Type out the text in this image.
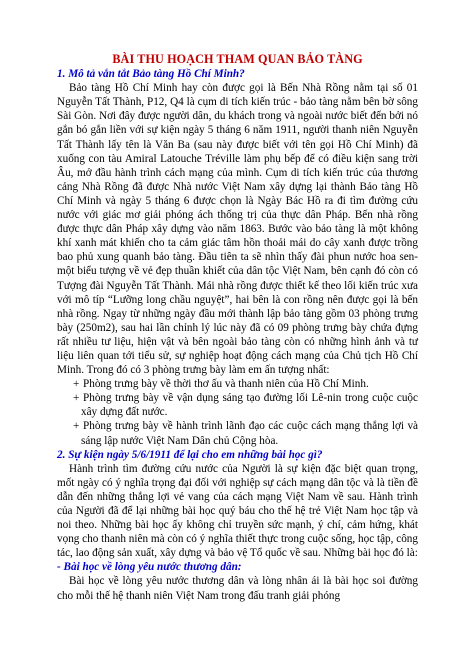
BÀI THU HOẠCH THAM QUAN BẢO TÀNG

1. Mô tả vắn tắt Bảo tàng Hồ Chí Minh?

Bảo tàng Hồ Chí Minh hay còn được gọi là Bến Nhà Rồng nằm tại số 01 Nguyễn Tất Thành, P12, Q4 là cụm di tích kiến trúc - bảo tàng nằm bên bờ sông Sài Gòn. Nơi đây được người dân, du khách trong và ngoài nước biết đến bởi nó gắn bó gắn liền với sự kiện ngày 5 tháng 6 năm 1911, người thanh niên Nguyễn Tất Thành lấy tên là Văn Ba (sau này được biết với tên gọi Hồ Chí Minh) đã xuống con tàu Amiral Latouche Tréville làm phụ bếp để có điều kiện sang trời Âu, mở đầu hành trình cách mạng của mình. Cụm di tích kiến trúc của thương cảng Nhà Rồng đã được Nhà nước Việt Nam xây dựng lại thành Bảo tàng Hồ Chí Minh và ngày 5 tháng 6 được chọn là Ngày Bác Hồ ra đi tìm đường cứu nước với giác mơ giải phóng ách thống trị của thực dân Pháp. Bến nhà rồng được thực dân Pháp xây dựng vào năm 1863. Bước vào bảo tàng là một không khí xanh mát khiến cho ta cảm giác tâm hồn thoải mái do cây xanh được trồng bao phủ xung quanh bảo tàng. Đầu tiên ta sẽ nhìn thấy đài phun nước hoa sen- một biểu tượng về vẻ đẹp thuần khiết của dân tộc Việt Nam, bên cạnh đó còn có Tượng đài Nguyễn Tất Thành. Mái nhà rồng được thiết kế theo lối kiến trúc xưa với mô típ “Lưỡng long chầu nguyệt”, hai bên là con rồng nên được gọi là bến nhà rồng. Ngay từ những ngày đầu mới thành lập bảo tàng gồm 03 phòng trưng bày (250m2), sau hai lần chỉnh lý lúc này đã có 09 phòng trưng bày chứa đựng rất nhiều tư liệu, hiện vật và bên ngoài bảo tàng còn có những hình ảnh và tư liệu liên quan tới tiểu sử, sự nghiệp hoạt động cách mạng của Chủ tịch Hồ Chí Minh. Trong đó có 3 phòng trưng bày làm em ấn tượng nhất:

+ Phòng trưng bày về thời thơ ấu và thanh niên của Hồ Chí Minh.

+ Phòng trưng bày về vận dụng sáng tạo đường lối Lê-nin trong cuộc cuộc xây dựng đất nước.

+ Phòng trưng bày về hành trình lãnh đạo các cuộc cách mạng thắng lợi và sáng lập nước Việt Nam Dân chủ Cộng hòa.

2. Sự kiện ngày 5/6/1911 để lại cho em những bài học gì?

Hành trình tìm đường cứu nước của Người là sự kiện đặc biệt quan trọng, mốt ngày có ý nghĩa trọng đại đối với nghiệp sự cách mạng dân tộc và là tiền đề dẫn đến những thắng lợi vẻ vang của cách mạng Việt Nam về sau. Hành trình của Người đã để lại những bài học quý báu cho thế hệ trẻ Việt Nam học tập và noi theo. Những bài học ấy không chỉ truyền sức mạnh, ý chí, cảm hứng, khát vọng cho thanh niên mà còn có ý nghĩa thiết thực trong cuộc sống, học tập, công tác, lao động sản xuất, xây dựng và bảo vệ Tổ quốc về sau. Những bài học đó là:

- Bài học về lòng yêu nước thương dân:

Bài học về lòng yêu nước thương dân và lòng nhân ái là bài học soi đường cho mỗi thế hệ thanh niên Việt Nam trong đấu tranh giải phóng
